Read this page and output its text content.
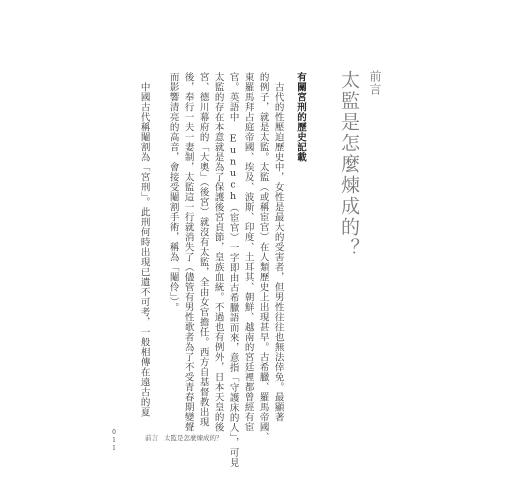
前言
太監是怎麼煉成的？
有關宮刑的歷史記載
　古代的性壓迫歷史中，女性是最大的受害者，但男性往往也無法倖免。最顯著
的例子，就是太監。太監（或稱宦官）在人類歷史上出現甚早。古希臘、羅馬帝國、
東羅馬拜占庭帝國、埃及、波斯、印度、土耳其、朝鮮、越南的宮廷裡都曾經有宦
官。英語中 Eunuch（宦官）一字即由古希臘語而來，意指「守護床的人」，可見
太監的存在本意就是為了保護後宮貞節，皇族血統。不過也有例外，日本天皇的後
宮、德川幕府的「大奧」（後宮）就沒有太監，全由女官擔任。西方自基督教出現
後，奉行一夫一妻制，太監這一行就消失了（儘管有男性歌者為了不受青春期變聲
而影響清亮的高音，會接受閹割手術，稱為「閹伶」）。
　中國古代稱閹割為「宮刑」。此刑何時出現已遺不可考，一般相傳在遠古的夏
0
1
1
前言 太監是怎麼煉成的？
